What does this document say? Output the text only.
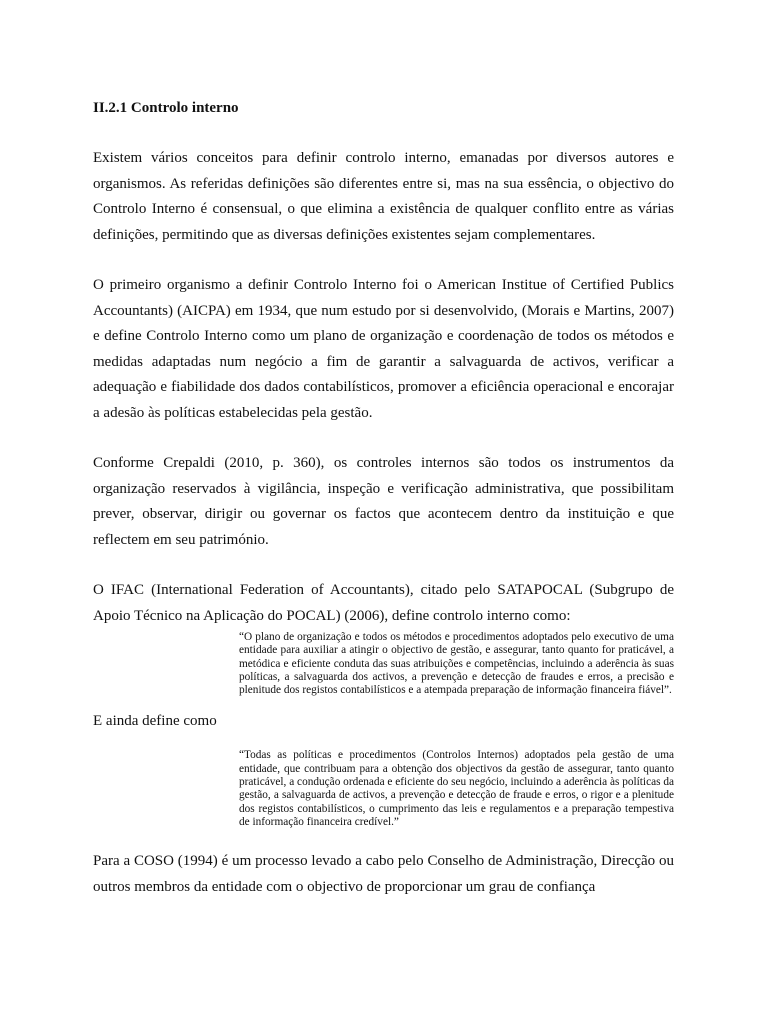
II.2.1 Controlo interno

Existem vários conceitos para definir controlo interno, emanadas por diversos autores e organismos. As referidas definições são diferentes entre si, mas na sua essência, o objectivo do Controlo Interno é consensual, o que elimina a existência de qualquer conflito entre as várias definições, permitindo que as diversas definições existentes sejam complementares.

O primeiro organismo a definir Controlo Interno foi o American Institue of Certified Publics Accountants) (AICPA) em 1934, que num estudo por si desenvolvido, (Morais e Martins, 2007) e define Controlo Interno como um plano de organização e coordenação de todos os métodos e medidas adaptadas num negócio a fim de garantir a salvaguarda de activos, verificar a adequação e fiabilidade dos dados contabilísticos, promover a eficiência operacional e encorajar a adesão às políticas estabelecidas pela gestão.

Conforme Crepaldi (2010, p. 360), os controles internos são todos os instrumentos da organização reservados à vigilância, inspeção e verificação administrativa, que possibilitam prever, observar, dirigir ou governar os factos que acontecem dentro da instituição e que reflectem em seu património.

O IFAC (International Federation of Accountants), citado pelo SATAPOCAL (Subgrupo de Apoio Técnico na Aplicação do POCAL) (2006), define controlo interno como:

“O plano de organização e todos os métodos e procedimentos adoptados pelo executivo de uma entidade para auxiliar a atingir o objectivo de gestão, e assegurar, tanto quanto for praticável, a metódica e eficiente conduta das suas atribuições e competências, incluindo a aderência às suas políticas, a salvaguarda dos activos, a prevenção e detecção de fraudes e erros, a precisão e plenitude dos registos contabilísticos e a atempada preparação de informação financeira fiável”.

E ainda define como

“Todas as políticas e procedimentos (Controlos Internos) adoptados pela gestão de uma entidade, que contribuam para a obtenção dos objectivos da gestão de assegurar, tanto quanto praticável, a condução ordenada e eficiente do seu negócio, incluindo a aderência às políticas da gestão, a salvaguarda de activos, a prevenção e detecção de fraude e erros, o rigor e a plenitude dos registos contabilísticos, o cumprimento das leis e regulamentos e a preparação tempestiva de informação financeira credível.”

Para a COSO (1994) é um processo levado a cabo pelo Conselho de Administração, Direcção ou outros membros da entidade com o objectivo de proporcionar um grau de confiança
